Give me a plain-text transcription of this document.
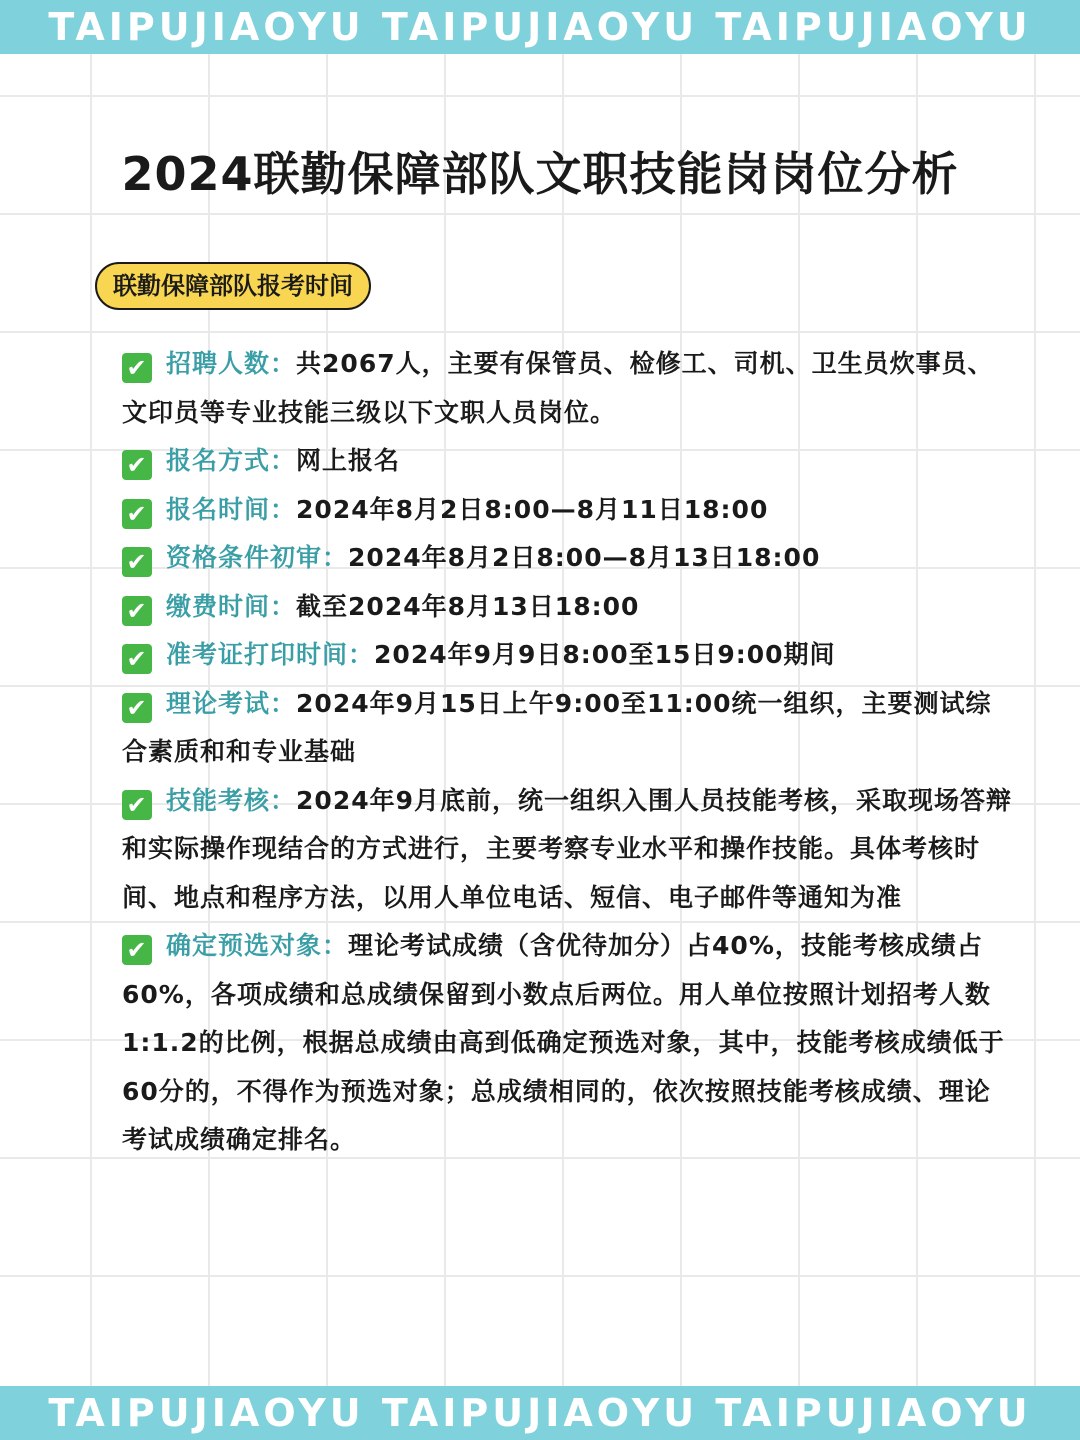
TAIPUJIAOYU TAIPUJIAOYU TAIPUJIAOYU
2024联勤保障部队文职技能岗岗位分析
联勤保障部队报考时间
✔ 招聘人数：共2067人，主要有保管员、检修工、司机、卫生员炊事员、文印员等专业技能三级以下文职人员岗位。
✔ 报名方式：网上报名
✔ 报名时间：2024年8月2日8:00—8月11日18:00
✔ 资格条件初审：2024年8月2日8:00—8月13日18:00
✔ 缴费时间：截至2024年8月13日18:00
✔ 准考证打印时间：2024年9月9日8:00至15日9:00期间
✔ 理论考试：2024年9月15日上午9:00至11:00统一组织，主要测试综合素质和和专业基础
✔ 技能考核：2024年9月底前，统一组织入围人员技能考核，采取现场答辩和实际操作现结合的方式进行，主要考察专业水平和操作技能。具体考核时间、地点和程序方法，以用人单位电话、短信、电子邮件等通知为准
✔ 确定预选对象：理论考试成绩（含优待加分）占40%，技能考核成绩占60%，各项成绩和总成绩保留到小数点后两位。用人单位按照计划招考人数1:1.2的比例，根据总成绩由高到低确定预选对象，其中，技能考核成绩低于60分的，不得作为预选对象；总成绩相同的，依次按照技能考核成绩、理论考试成绩确定排名。
TAIPUJIAOYU TAIPUJIAOYU TAIPUJIAOYU
